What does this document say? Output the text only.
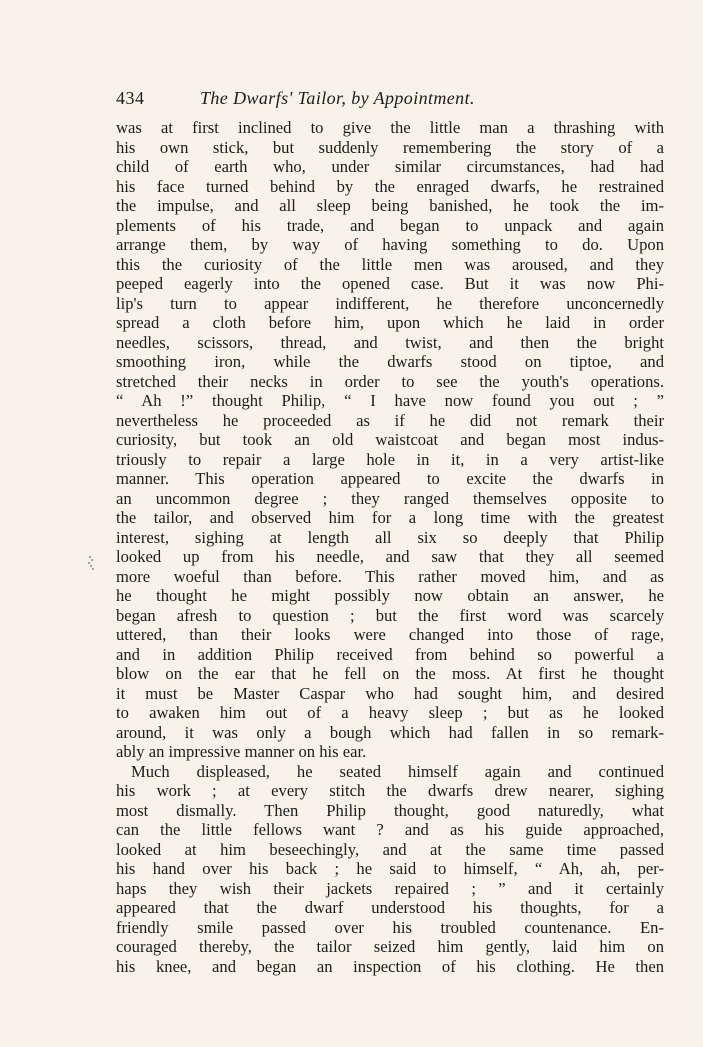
434	The Dwarfs' Tailor, by Appointment.
was at first inclined to give the little man a thrashing with
his own stick, but suddenly remembering the story of a
child of earth who, under similar circumstances, had had
his face turned behind by the enraged dwarfs, he restrained
the impulse, and all sleep being banished, he took the im-
plements of his trade, and began to unpack and again
arrange them, by way of having something to do. Upon
this the curiosity of the little men was aroused, and they
peeped eagerly into the opened case. But it was now Phi-
lip's turn to appear indifferent, he therefore unconcernedly
spread a cloth before him, upon which he laid in order
needles, scissors, thread, and twist, and then the bright
smoothing iron, while the dwarfs stood on tiptoe, and
stretched their necks in order to see the youth's operations.
“ Ah !” thought Philip, “ I have now found you out ; ”
nevertheless he proceeded as if he did not remark their
curiosity, but took an old waistcoat and began most indus-
triously to repair a large hole in it, in a very artist-like
manner. This operation appeared to excite the dwarfs in
an uncommon degree ; they ranged themselves opposite to
the tailor, and observed him for a long time with the greatest
interest, sighing at length all six so deeply that Philip
looked up from his needle, and saw that they all seemed
more woeful than before. This rather moved him, and as
he thought he might possibly now obtain an answer, he
began afresh to question ; but the first word was scarcely
uttered, than their looks were changed into those of rage,
and in addition Philip received from behind so powerful a
blow on the ear that he fell on the moss. At first he thought
it must be Master Caspar who had sought him, and desired
to awaken him out of a heavy sleep ; but as he looked
around, it was only a bough which had fallen in so remark-
ably an impressive manner on his ear.
Much displeased, he seated himself again and continued
his work ; at every stitch the dwarfs drew nearer, sighing
most dismally. Then Philip thought, good naturedly, what
can the little fellows want ? and as his guide approached,
looked at him beseechingly, and at the same time passed
his hand over his back ; he said to himself, “ Ah, ah, per-
haps they wish their jackets repaired ; ” and it certainly
appeared that the dwarf understood his thoughts, for a
friendly smile passed over his troubled countenance. En-
couraged thereby, the tailor seized him gently, laid him on
his knee, and began an inspection of his clothing. He then
